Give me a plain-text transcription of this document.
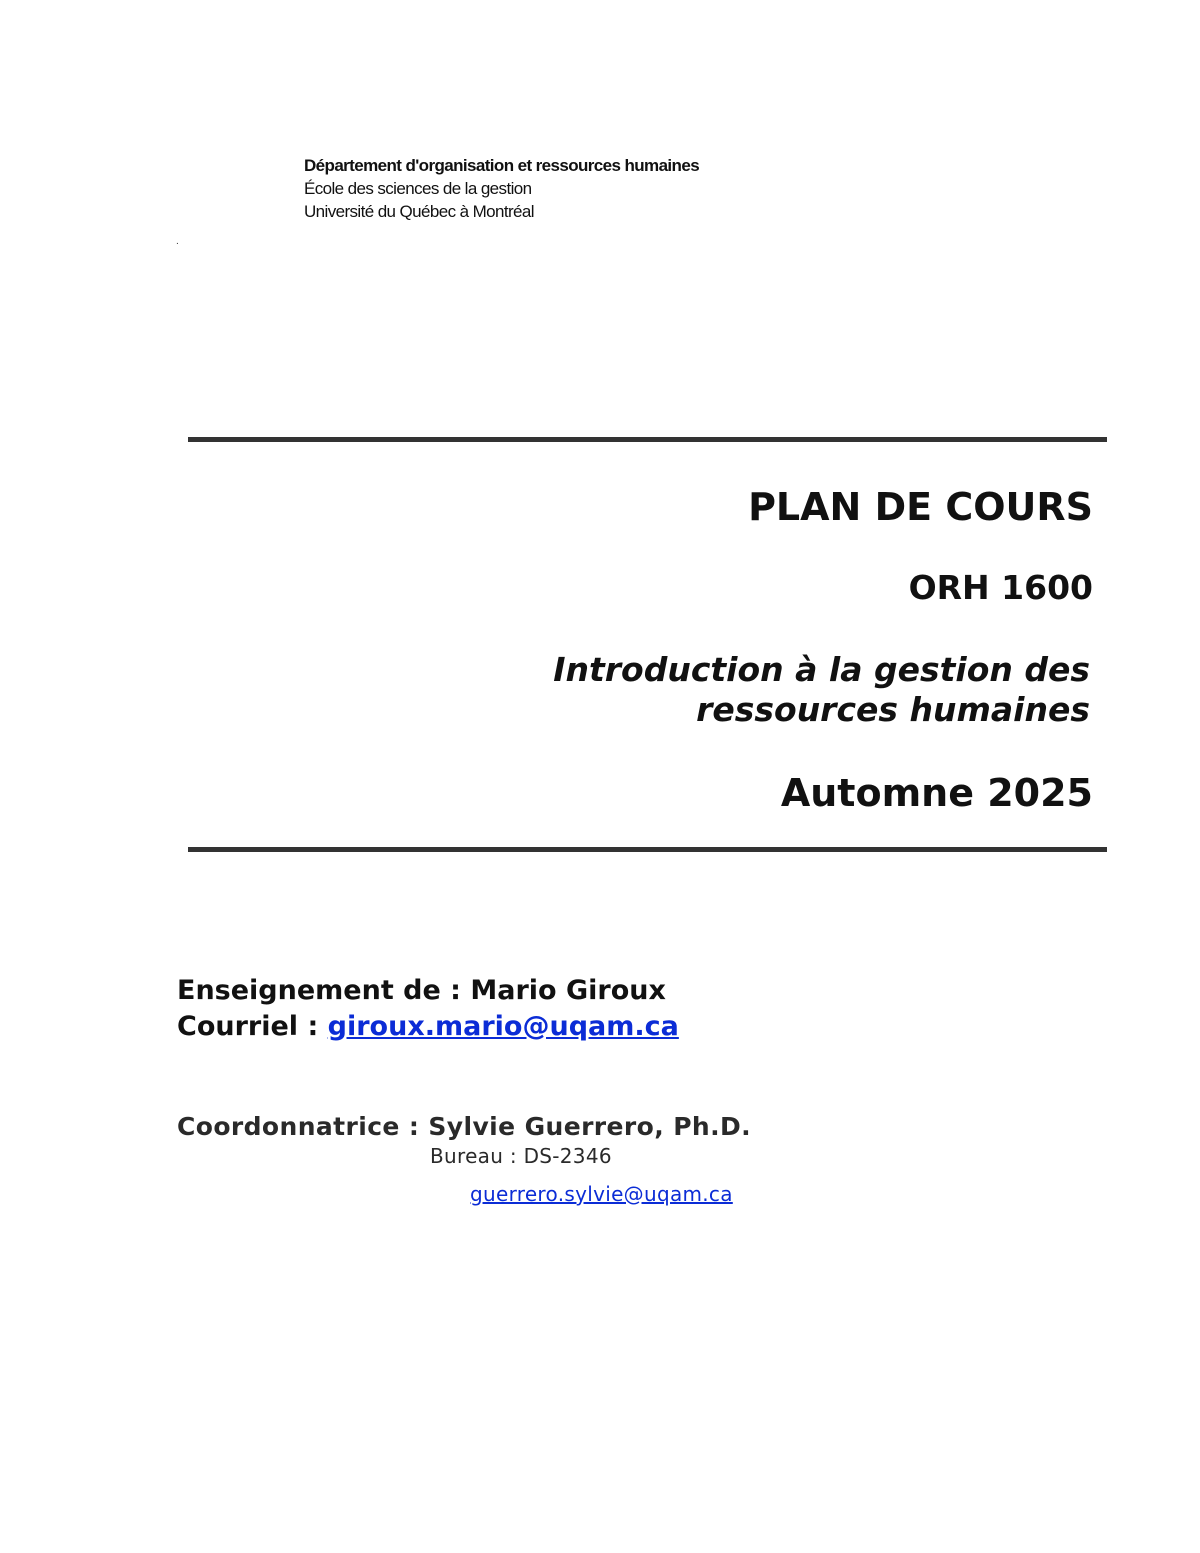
Département d'organisation et ressources humaines
École des sciences de la gestion
Université du Québec à Montréal
.
PLAN DE COURS
ORH 1600
Introduction à la gestion des
ressources humaines
Automne 2025
Enseignement de : Mario Giroux
Courriel : giroux.mario@uqam.ca
Coordonnatrice : Sylvie Guerrero, Ph.D.
Bureau : DS-2346
guerrero.sylvie@uqam.ca
